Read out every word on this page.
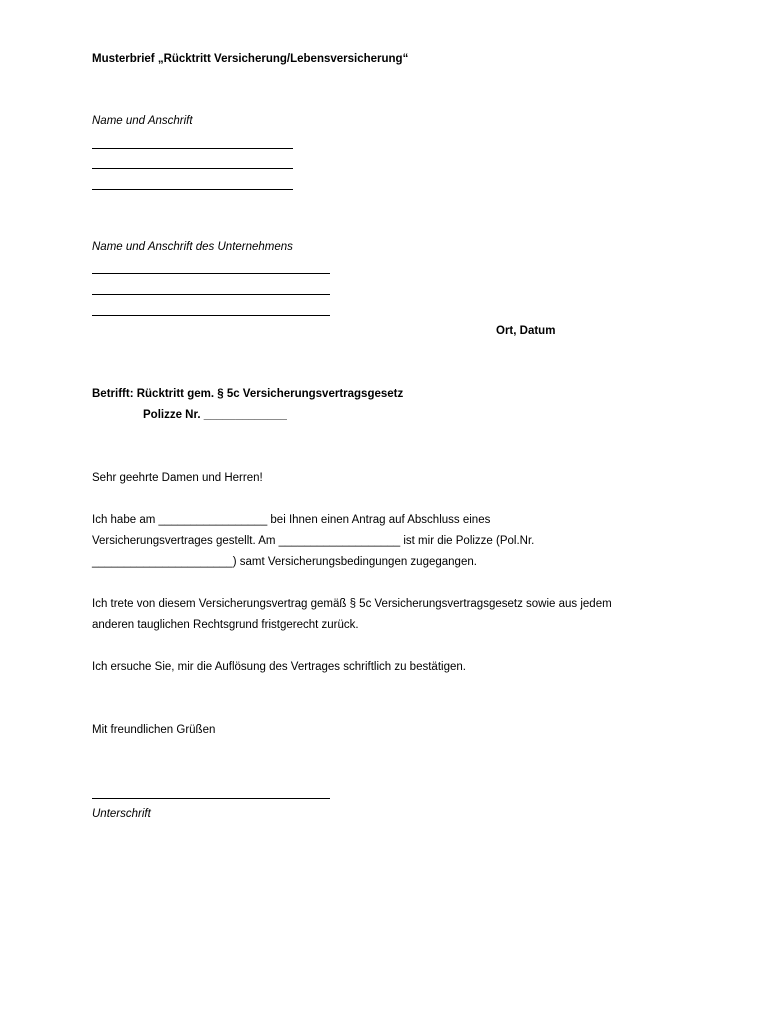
Musterbrief „Rücktritt Versicherung/Lebensversicherung“
Name und Anschrift
Name und Anschrift des Unternehmens
Ort, Datum
Betrifft: Rücktritt gem. § 5c Versicherungsvertragsgesetz
Polizze Nr. _____________
Sehr geehrte Damen und Herren!
Ich habe am _________________ bei Ihnen einen Antrag auf Abschluss eines
Versicherungsvertrages gestellt. Am ___________________ ist mir die Polizze (Pol.Nr.
______________________) samt Versicherungsbedingungen zugegangen.
Ich trete von diesem Versicherungsvertrag gemäß § 5c Versicherungsvertragsgesetz sowie aus jedem
anderen tauglichen Rechtsgrund fristgerecht zurück.
Ich ersuche Sie, mir die Auflösung des Vertrages schriftlich zu bestätigen.
Mit freundlichen Grüßen
Unterschrift
